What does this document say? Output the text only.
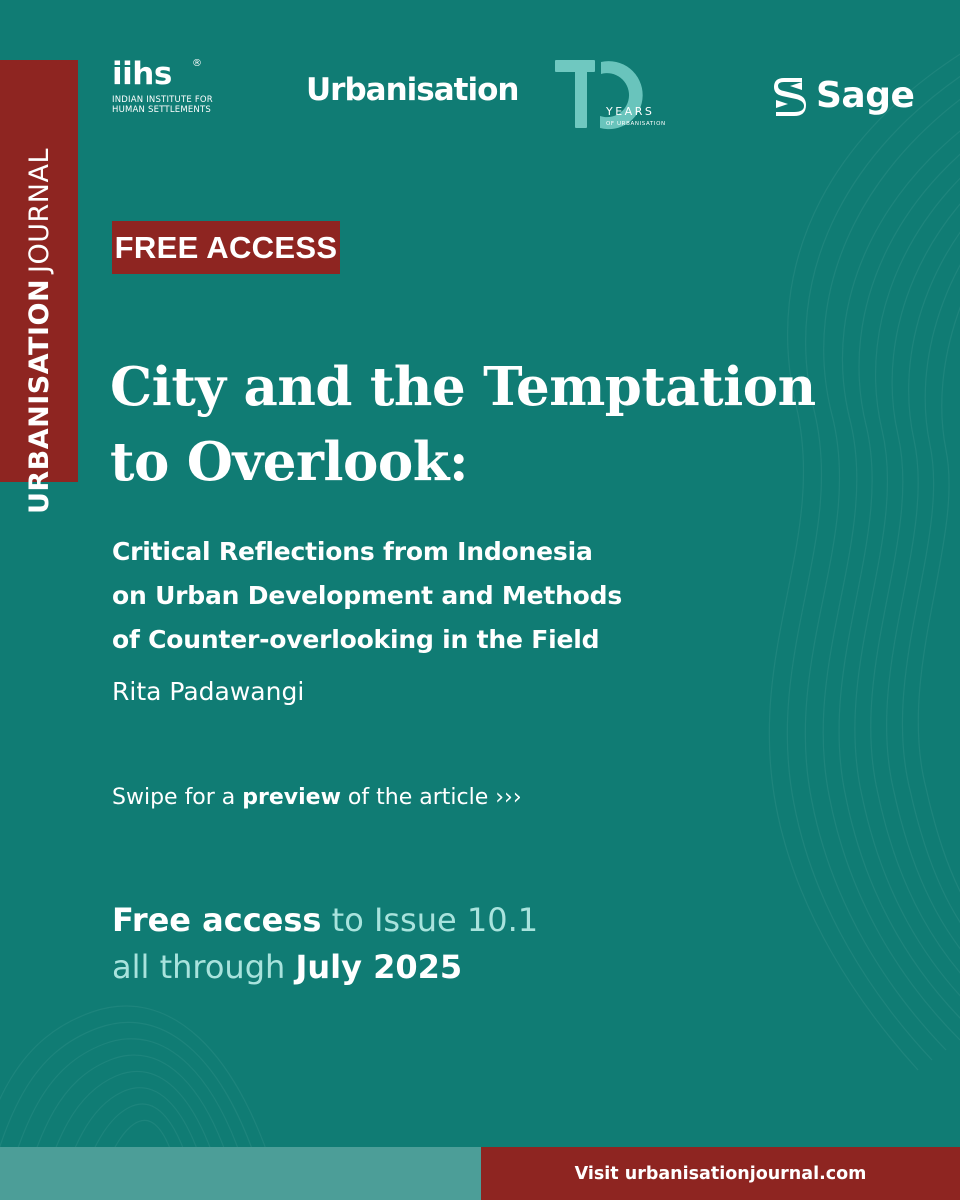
URBANISATION
JOURNAL
iihs	®
INDIAN INSTITUTE FOR
HUMAN SETTLEMENTS
Urbanisation
YEARS
OF URBANISATION
Sage
FREE ACCESS
City and the Temptation
to Overlook:
Critical Reflections from Indonesia
on Urban Development and Methods
of Counter-overlooking in the Field
Rita Padawangi
Swipe for a preview of the article ›››
Free access to Issue 10.1
all through July 2025
Visit urbanisationjournal.com
